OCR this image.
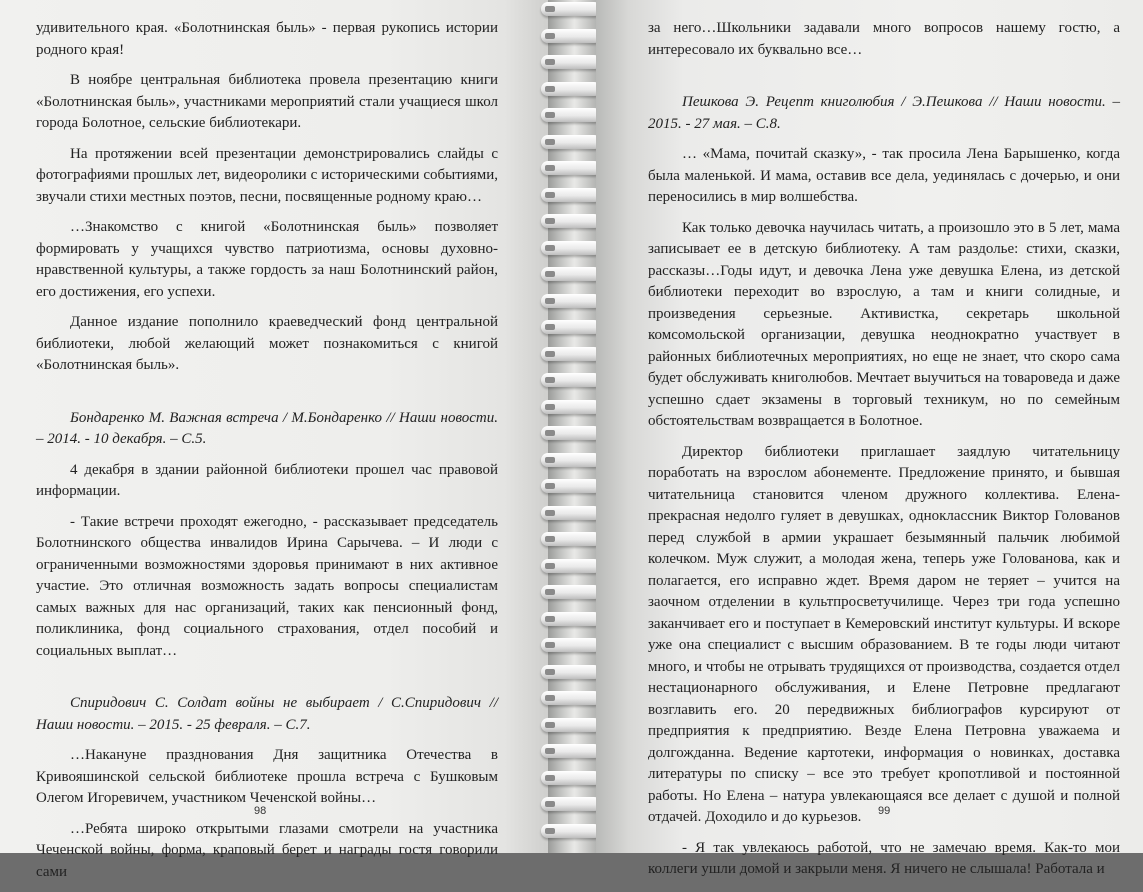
удивительного края. «Болотнинская быль» - первая рукопись истории родного края!

В ноябре центральная библиотека провела презентацию книги «Болотнинская быль», участниками мероприятий стали учащиеся школ города Болотное, сельские библиотекари.

На протяжении всей презентации демонстрировались слайды с фотографиями прошлых лет, видеоролики с историческими событиями, звучали стихи местных поэтов, песни, посвященные родному краю…

…Знакомство с книгой «Болотнинская быль» позволяет формировать у учащихся чувство патриотизма, основы духовно-нравственной культуры, а также гордость за наш Болотнинский район, его достижения, его успехи.

Данное издание пополнило краеведческий фонд центральной библиотеки, любой желающий может познакомиться с книгой «Болотнинская быль».

Бондаренко М. Важная встреча / М.Бондаренко // Наши новости. – 2014. - 10 декабря. – С.5.

4 декабря в здании районной библиотеки прошел час правовой информации.

- Такие встречи проходят ежегодно, - рассказывает председатель Болотнинского общества инвалидов Ирина Сарычева. – И люди с ограниченными возможностями здоровья принимают в них активное участие. Это отличная возможность задать вопросы специалистам самых важных для нас организаций, таких как пенсионный фонд, поликлиника, фонд социального страхования, отдел пособий и социальных выплат…

Спиридович С. Солдат войны не выбирает / С.Спиридович // Наши новости. – 2015. - 25 февраля. – С.7.

…Накануне празднования Дня защитника Отечества в Кривояшинской сельской библиотеке прошла встреча с Бушковым Олегом Игоревичем, участником Чеченской войны…

…Ребята широко открытыми глазами смотрели на участника Чеченской войны, форма, краповый берет и награды гостя говорили сами

98

за него…Школьники задавали много вопросов нашему гостю, а интересовало их буквально все…

Пешкова Э. Рецепт книголюбия / Э.Пешкова // Наши новости. – 2015. - 27 мая. – С.8.

… «Мама, почитай сказку», - так просила Лена Барышенко, когда была маленькой. И мама, оставив все дела, уединялась с дочерью, и они переносились в мир волшебства.

Как только девочка научилась читать, а произошло это в 5 лет, мама записывает ее в детскую библиотеку. А там раздолье: стихи, сказки, рассказы…Годы идут, и девочка Лена уже девушка Елена, из детской библиотеки переходит во взрослую, а там и книги солидные, и произведения серьезные. Активистка, секретарь школьной комсомольской организации, девушка неоднократно участвует в районных библиотечных мероприятиях, но еще не знает, что скоро сама будет обслуживать книголюбов. Мечтает выучиться на товароведа и даже успешно сдает экзамены в торговый техникум, но по семейным обстоятельствам возвращается в Болотное.

Директор библиотеки приглашает заядлую читательницу поработать на взрослом абонементе. Предложение принято, и бывшая читательница становится членом дружного коллектива. Елена-прекрасная недолго гуляет в девушках, одноклассник Виктор Голованов перед службой в армии украшает безымянный пальчик любимой колечком. Муж служит, а молодая жена, теперь уже Голованова, как и полагается, его исправно ждет. Время даром не теряет – учится на заочном отделении в культпросветучилище. Через три года успешно заканчивает его и поступает в Кемеровский институт культуры. И вскоре уже она специалист с высшим образованием. В те годы люди читают много, и чтобы не отрывать трудящихся от производства, создается отдел нестационарного обслуживания, и Елене Петровне предлагают возглавить его. 20 передвижных библиографов курсируют от предприятия к предприятию. Везде Елена Петровна уважаема и долгожданна. Ведение картотеки, информация о новинках, доставка литературы по списку – все это требует кропотливой и постоянной работы. Но Елена – натура увлекающаяся все делает с душой и полной отдачей. Доходило и до курьезов.

- Я так увлекаюсь работой, что не замечаю время. Как-то мои коллеги ушли домой и закрыли меня. Я ничего не слышала! Работала и

99
